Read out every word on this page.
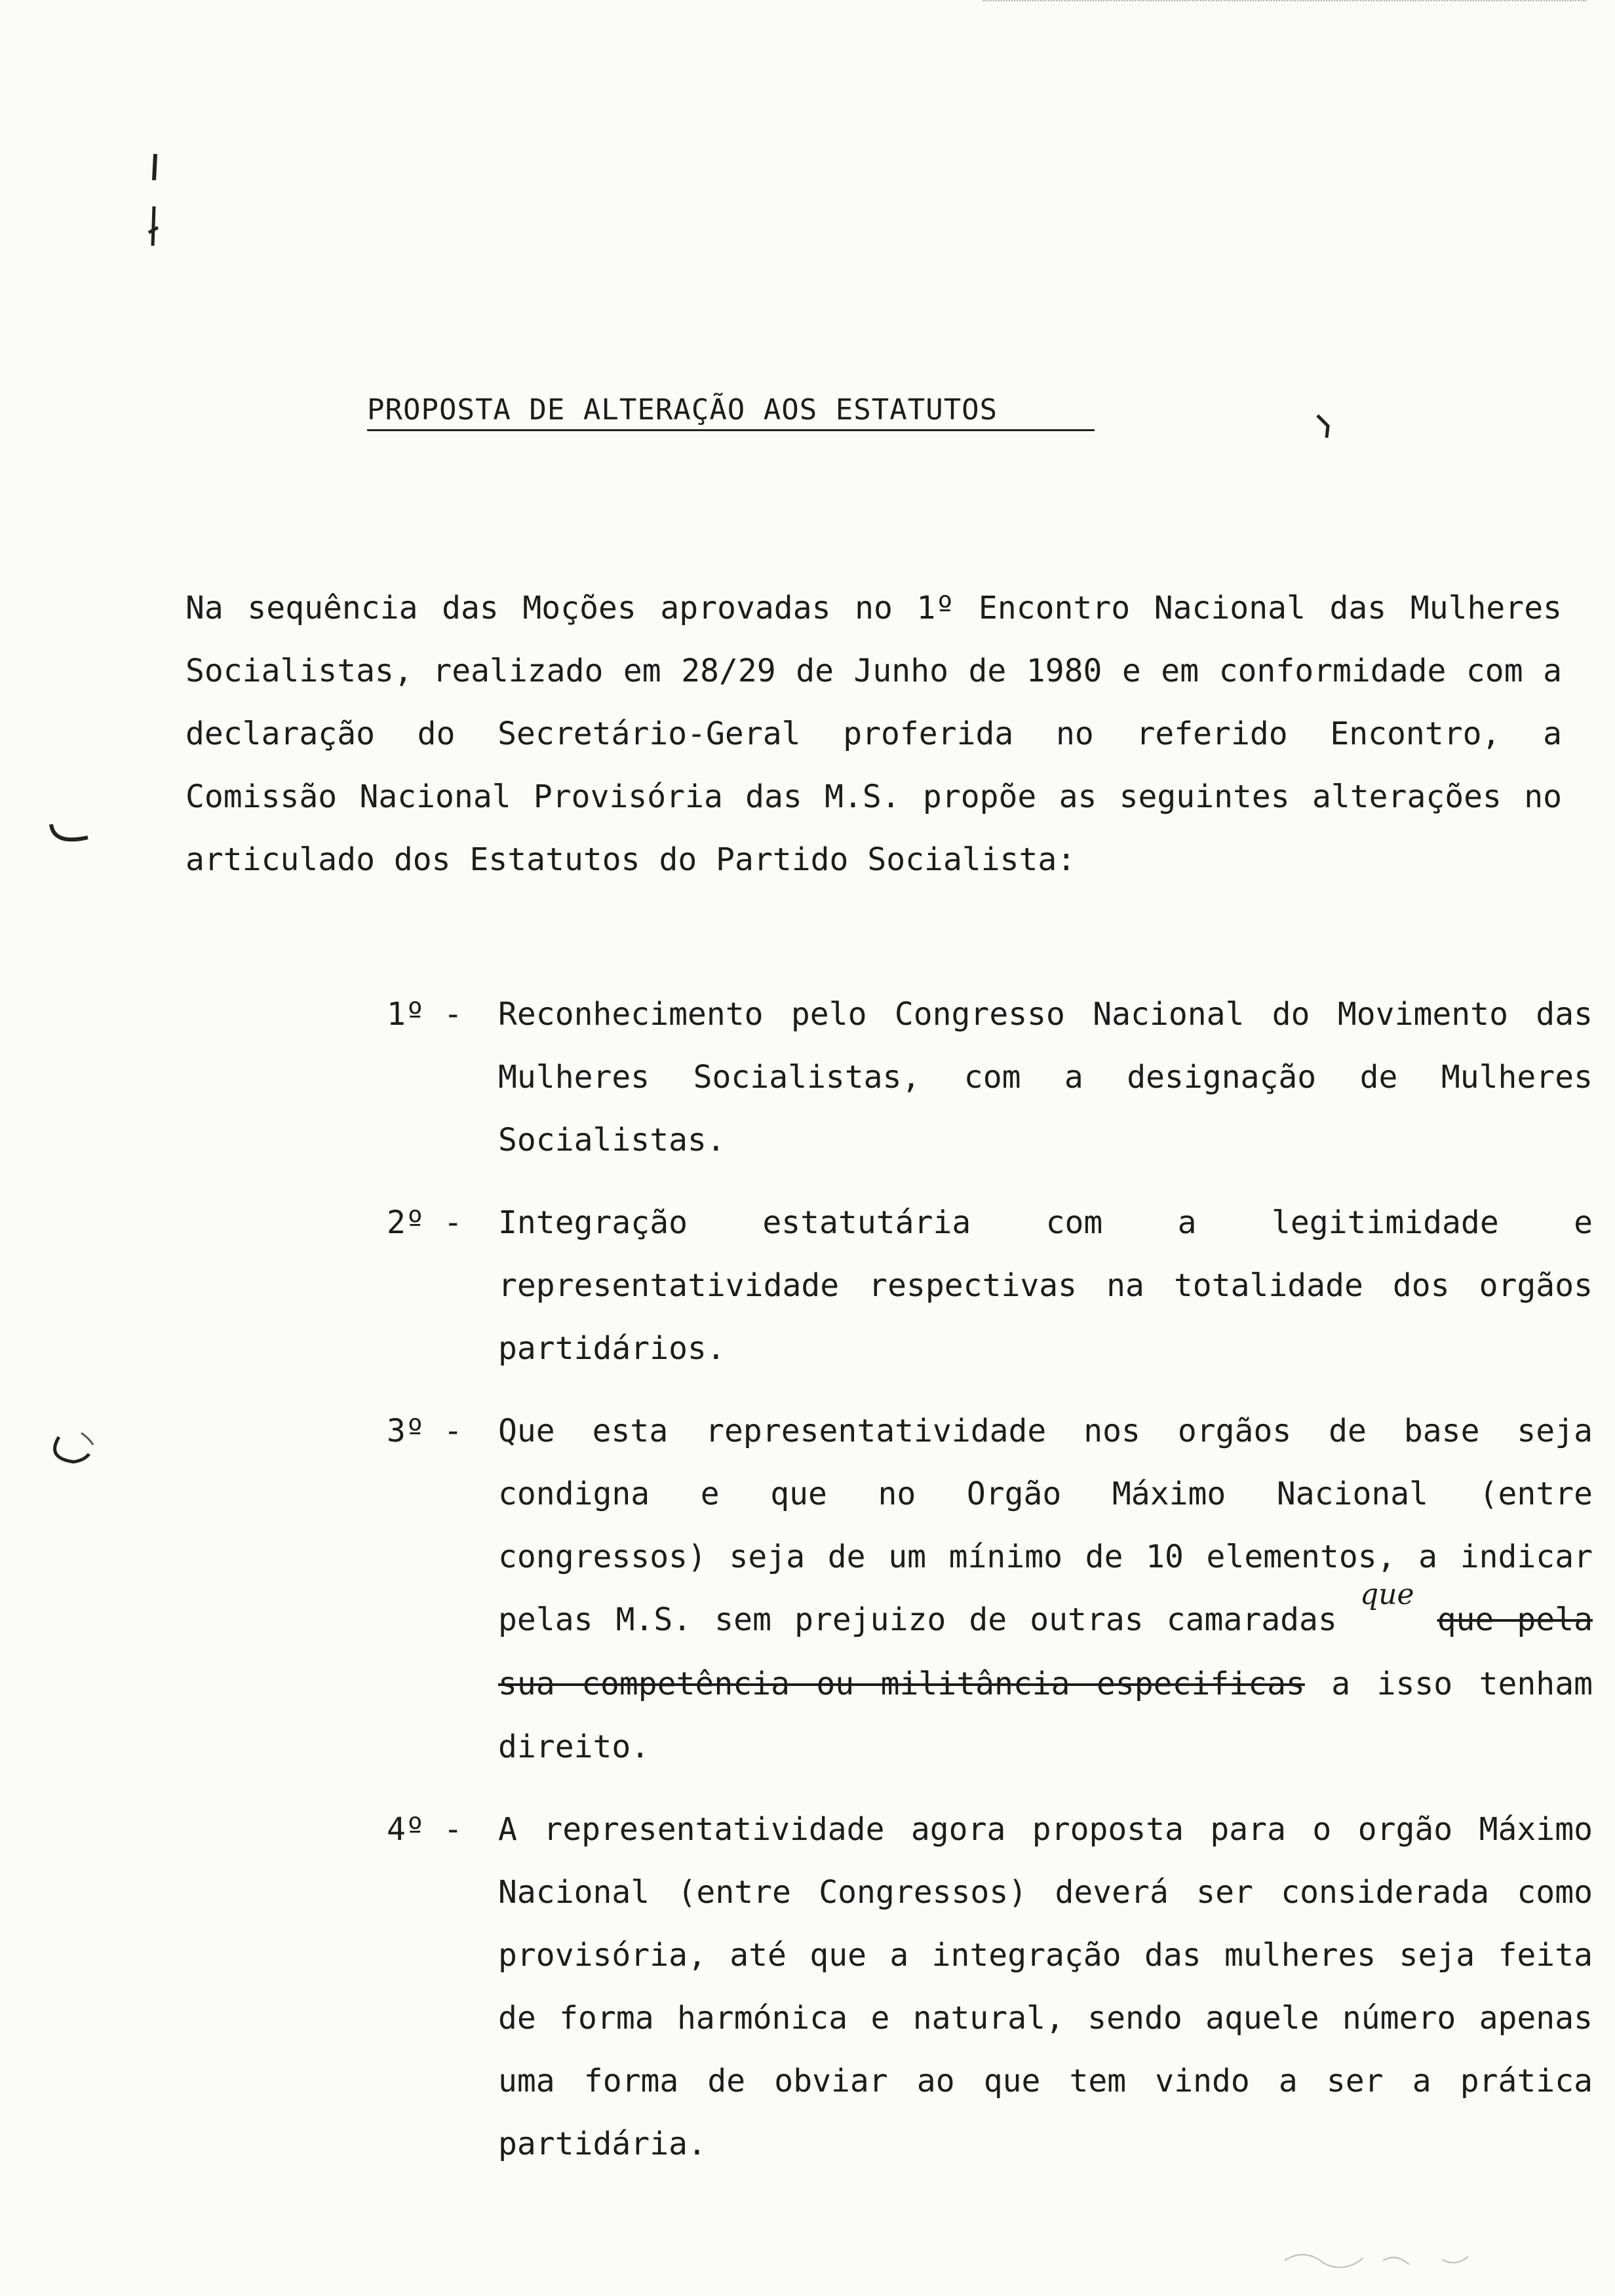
PROPOSTA DE ALTERAÇÃO AOS ESTATUTOS

Na sequência das Moções aprovadas no 1º Encontro Nacional das Mulheres Socialistas, realizado em 28/29 de Junho de 1980 e em conformidade com a declaração do Secretário-Geral proferida no referido Encontro, a Comissão Nacional Provisória das M.S. propõe as seguintes alterações no articulado dos Estatutos do Partido Socialista:

1º -	Reconhecimento pelo Congresso Nacional do Movimento das Mulheres Socialistas, com a designação de Mulheres Socialistas.

2º -	Integração estatutária com a legitimidade e representatividade respectivas na totalidade dos orgãos partidários.

3º -	Que esta representatividade nos orgãos de base seja condigna e que no Orgão Máximo Nacional (entre congressos) seja de um mínimo de 10 elementos, a indicar pelas M.S. sem prejuizo de outras camaradas que que pela sua competência ou militância especificas a isso tenham direito.

4º -	A representatividade agora proposta para o orgão Máximo Nacional (entre Congressos) deverá ser considerada como provisória, até que a integração das mulheres seja feita de forma harmónica e natural, sendo aquele número apenas uma forma de obviar ao que tem vindo a ser a prática partidária.
